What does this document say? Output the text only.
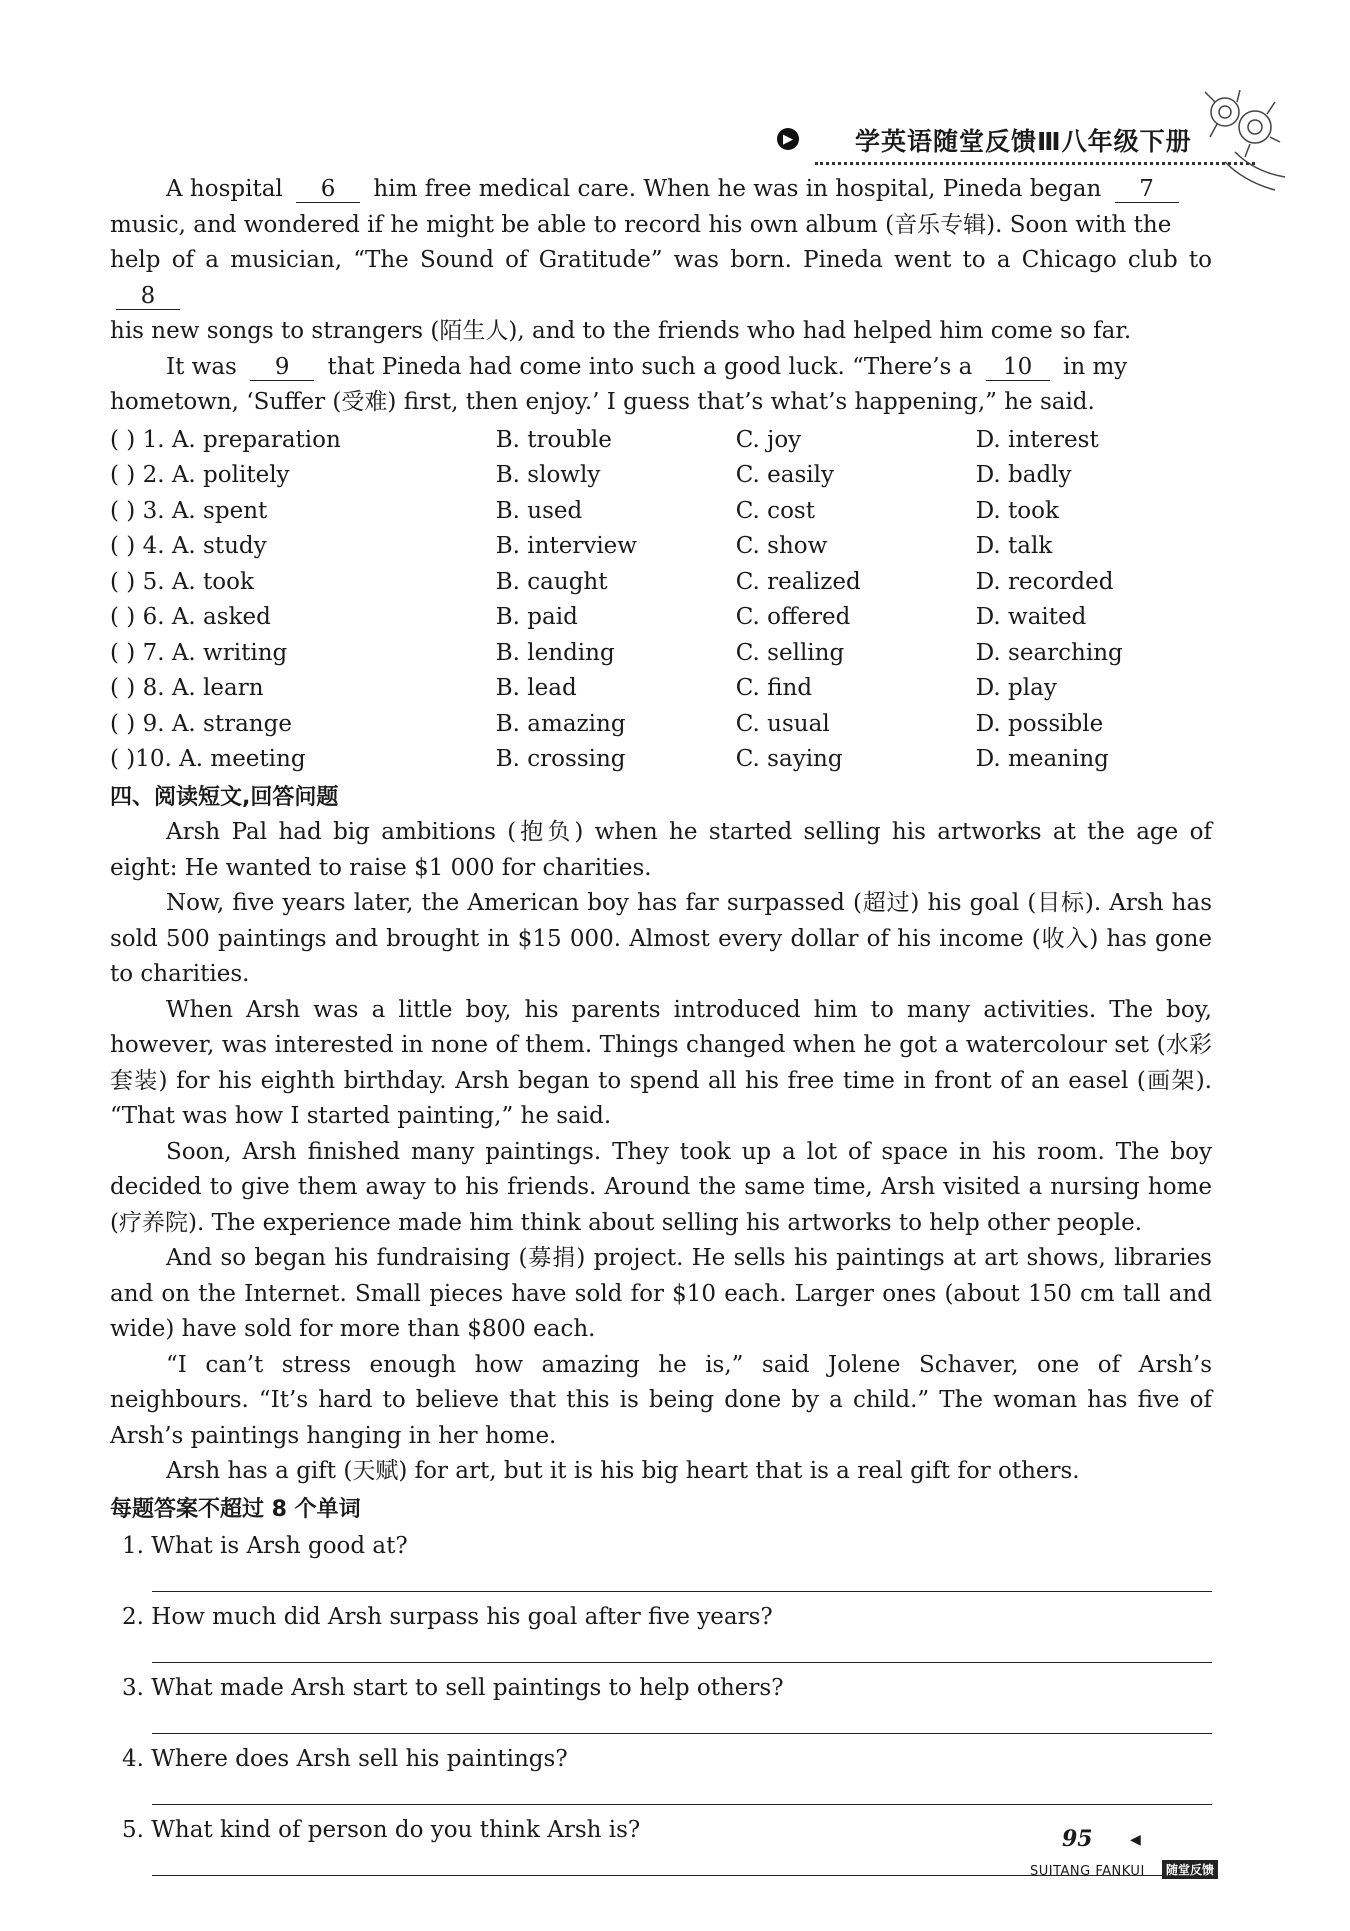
▶ 学英语随堂反馈Ⅲ八年级下册

A hospital 6 him free medical care. When he was in hospital, Pineda began 7

music, and wondered if he might be able to record his own album (音乐专辑). Soon with the

help of a musician, “The Sound of Gratitude” was born. Pineda went to a Chicago club to 8

his new songs to strangers (陌生人), and to the friends who had helped him come so far.

It was 9 that Pineda had come into such a good luck. “There’s a 10 in my

hometown, ‘Suffer (受难) first, then enjoy.’ I guess that’s what’s happening,” he said.

( ) 1. A. preparation	B. trouble	C. joy	D. interest
( ) 2. A. politely	B. slowly	C. easily	D. badly
( ) 3. A. spent	B. used	C. cost	D. took
( ) 4. A. study	B. interview	C. show	D. talk
( ) 5. A. took	B. caught	C. realized	D. recorded
( ) 6. A. asked	B. paid	C. offered	D. waited
( ) 7. A. writing	B. lending	C. selling	D. searching
( ) 8. A. learn	B. lead	C. find	D. play
( ) 9. A. strange	B. amazing	C. usual	D. possible
( )10. A. meeting	B. crossing	C. saying	D. meaning

四、阅读短文,回答问题

Arsh Pal had big ambitions (抱负) when he started selling his artworks at the age of eight: He wanted to raise $1 000 for charities.

Now, five years later, the American boy has far surpassed (超过) his goal (目标). Arsh has sold 500 paintings and brought in $15 000. Almost every dollar of his income (收入) has gone to charities.

When Arsh was a little boy, his parents introduced him to many activities. The boy, however, was interested in none of them. Things changed when he got a watercolour set (水彩套装) for his eighth birthday. Arsh began to spend all his free time in front of an easel (画架). “That was how I started painting,” he said.

Soon, Arsh finished many paintings. They took up a lot of space in his room. The boy decided to give them away to his friends. Around the same time, Arsh visited a nursing home (疗养院). The experience made him think about selling his artworks to help other people.

And so began his fundraising (募捐) project. He sells his paintings at art shows, libraries and on the Internet. Small pieces have sold for $10 each. Larger ones (about 150 cm tall and wide) have sold for more than $800 each.

“I can’t stress enough how amazing he is,” said Jolene Schaver, one of Arsh’s neighbours. “It’s hard to believe that this is being done by a child.” The woman has five of Arsh’s paintings hanging in her home.

Arsh has a gift (天赋) for art, but it is his big heart that is a real gift for others.

每题答案不超过 8 个单词

1. What is Arsh good at?
2. How much did Arsh surpass his goal after five years?
3. What made Arsh start to sell paintings to help others?
4. Where does Arsh sell his paintings?
5. What kind of person do you think Arsh is?	95	◀
SUITANG FANKUI	随堂反馈
